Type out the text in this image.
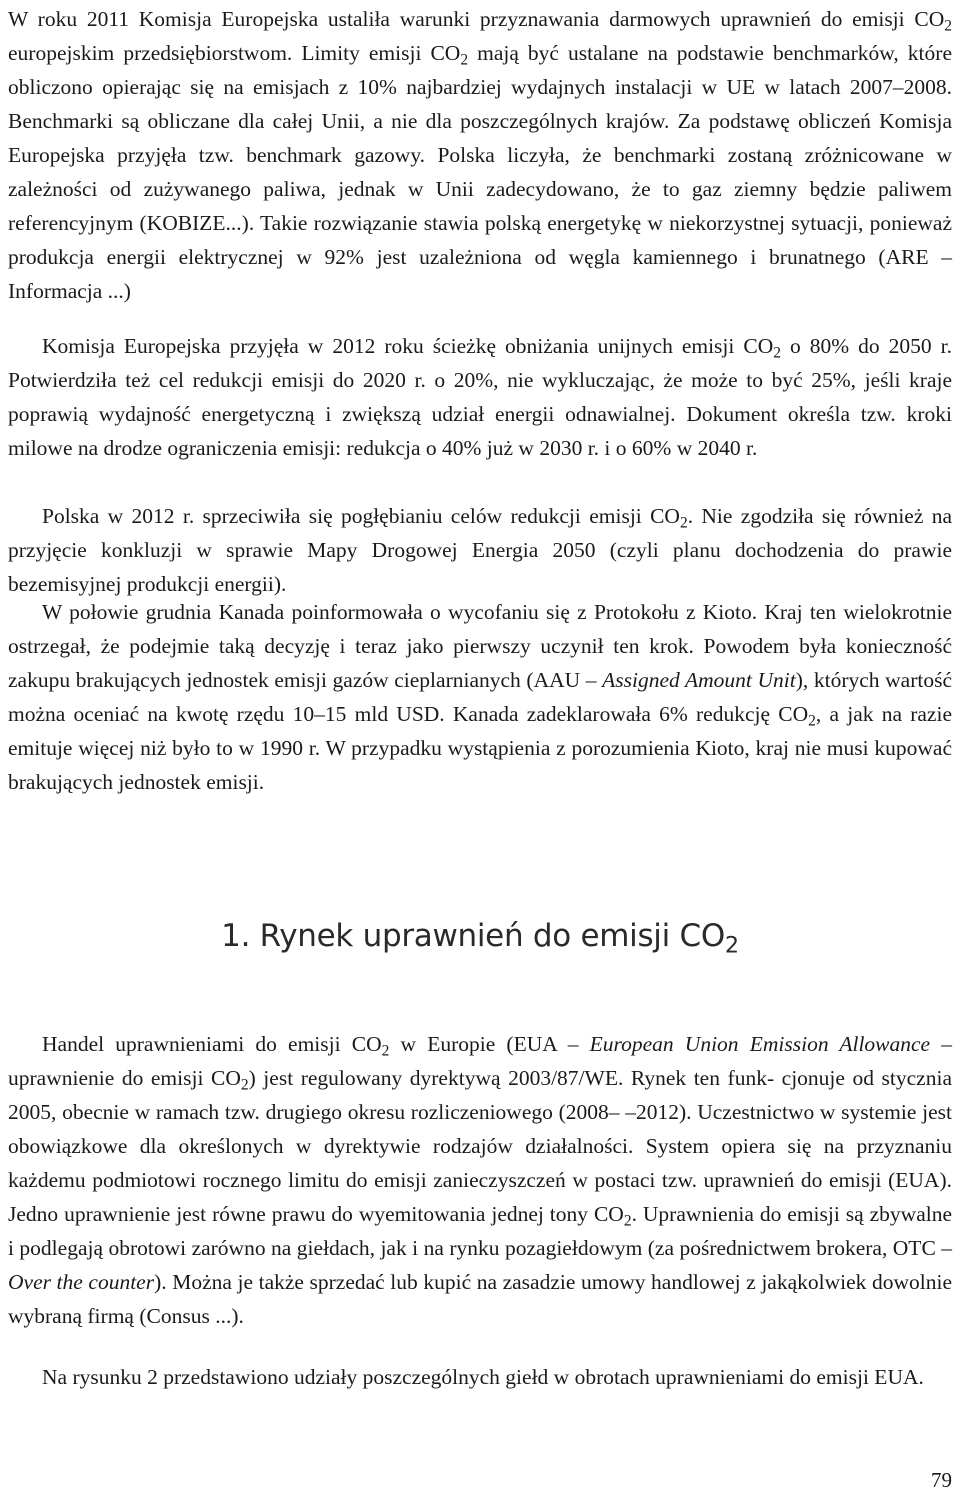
W roku 2011 Komisja Europejska ustaliła warunki przyznawania darmowych uprawnień do emisji $CO_2$ europejskim przedsiębiorstwom. Limity emisji $CO_2$ mają być ustalane na podstawie benchmarków, które obliczono opierając się na emisjach z 10% najbardziej wydajnych instalacji w UE w latach 2007–2008. Benchmarki są obliczane dla całej Unii, a nie dla poszczególnych krajów. Za podstawę obliczeń Komisja Europejska przyjęła tzw. benchmark gazowy. Polska liczyła, że benchmarki zostaną zróżnicowane w zależności od zużywanego paliwa, jednak w Unii zadecydowano, że to gaz ziemny będzie paliwem referencyjnym (KOBIZE...). Takie rozwiązanie stawia polską energetykę w niekorzystnej sytuacji, ponieważ produkcja energii elektrycznej w 92% jest uzależniona od węgla kamiennego i brunatnego (ARE – Informacja ...)

Komisja Europejska przyjęła w 2012 roku ścieżkę obniżania unijnych emisji $CO_2$ o 80% do 2050 r. Potwierdziła też cel redukcji emisji do 2020 r. o 20%, nie wykluczając, że może to być 25%, jeśli kraje poprawią wydajność energetyczną i zwiększą udział energii odnawialnej. Dokument określa tzw. kroki milowe na drodze ograniczenia emisji: redukcja o 40% już w 2030 r. i o 60% w 2040 r.

Polska w 2012 r. sprzeciwiła się pogłębianiu celów redukcji emisji $CO_2$. Nie zgodziła się również na przyjęcie konkluzji w sprawie Mapy Drogowej Energia 2050 (czyli planu dochodzenia do prawie bezemisyjnej produkcji energii).

W połowie grudnia Kanada poinformowała o wycofaniu się z Protokołu z Kioto. Kraj ten wielokrotnie ostrzegał, że podejmie taką decyzję i teraz jako pierwszy uczynił ten krok. Powodem była konieczność zakupu brakujących jednostek emisji gazów cieplarnianych (AAU – Assigned Amount Unit), których wartość można oceniać na kwotę rzędu 10–15 mld USD. Kanada zadeklarowała 6% redukcję $CO_2$, a jak na razie emituje więcej niż było to w 1990 r. W przypadku wystąpienia z porozumienia Kioto, kraj nie musi kupować brakujących jednostek emisji.

1. Rynek uprawnień do emisji $CO_2$

Handel uprawnieniami do emisji $CO_2$ w Europie (EUA – European Union Emission Allowance – uprawnienie do emisji $CO_2$) jest regulowany dyrektywą 2003/87/WE. Rynek ten funk- cjonuje od stycznia 2005, obecnie w ramach tzw. drugiego okresu rozliczeniowego (2008– –2012). Uczestnictwo w systemie jest obowiązkowe dla określonych w dyrektywie rodzajów działalności. System opiera się na przyznaniu każdemu podmiotowi rocznego limitu do emisji zanieczyszczeń w postaci tzw. uprawnień do emisji (EUA). Jedno uprawnienie jest równe prawu do wyemitowania jednej tony $CO_2$. Uprawnienia do emisji są zbywalne i podlegają obrotowi zarówno na giełdach, jak i na rynku pozagiełdowym (za pośrednictwem brokera, OTC – Over the counter). Można je także sprzedać lub kupić na zasadzie umowy handlowej z jakąkolwiek dowolnie wybraną firmą (Consus ...).

Na rysunku 2 przedstawiono udziały poszczególnych giełd w obrotach uprawnieniami do emisji EUA.

79
